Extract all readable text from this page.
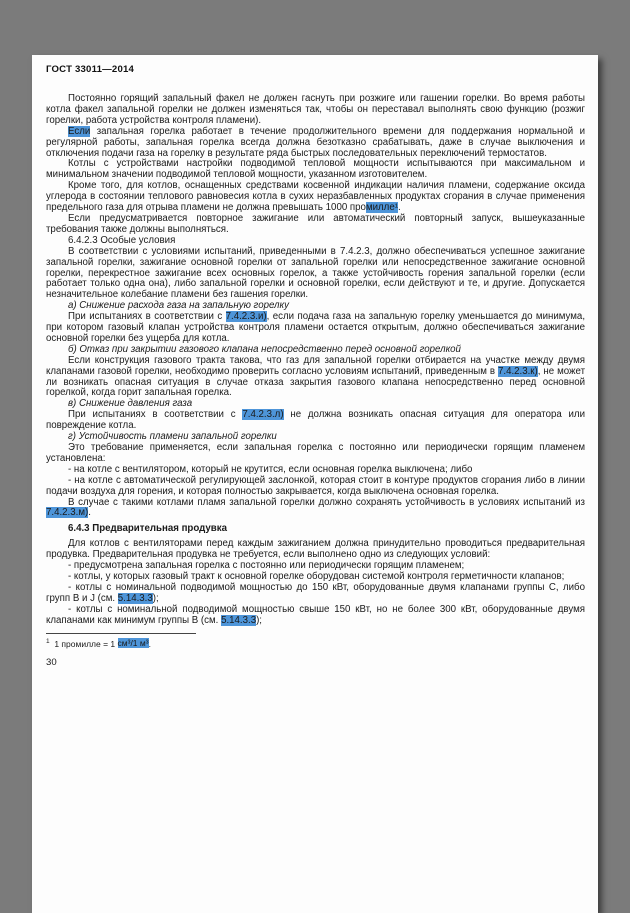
ГОСТ 33011—2014

Постоянно горящий запальный факел не должен гаснуть при розжиге или гашении горелки. Во время работы котла факел запальной горелки не должен изменяться так, чтобы он переставал выполнять свою функцию (розжиг горелки, работа устройства контроля пламени).

Если запальная горелка работает в течение продолжительного времени для поддержания нормальной и регулярной работы, запальная горелка всегда должна безотказно срабатывать, даже в случае выключения и отключения подачи газа на горелку в результате ряда быстрых последовательных переключений термостатов.

Котлы с устройствами настройки подводимой тепловой мощности испытываются при максимальном и минимальном значении подводимой тепловой мощности, указанном изготовителем.

Кроме того, для котлов, оснащенных средствами косвенной индикации наличия пламени, содержание оксида углерода в состоянии теплового равновесия котла в сухих неразбавленных продуктах сгорания в случае применения предельного газа для отрыва пламени не должна превышать 1000 промилле¹.

Если предусматривается повторное зажигание или автоматический повторный запуск, вышеуказанные требования также должны выполняться.

6.4.2.3 Особые условия

В соответствии с условиями испытаний, приведенными в 7.4.2.3, должно обеспечиваться успешное зажигание запальной горелки, зажигание основной горелки от запальной горелки или непосредственное зажигание основной горелки, перекрестное зажигание всех основных горелок, а также устойчивость горения запальной горелки (если работает только одна она), либо запальной горелки и основной горелки, если действуют и те, и другие. Допускается незначительное колебание пламени без гашения горелки.

а) Снижение расхода газа на запальную горелку

При испытаниях в соответствии с 7.4.2.3.и), если подача газа на запальную горелку уменьшается до минимума, при котором газовый клапан устройства контроля пламени остается открытым, должно обеспечиваться зажигание основной горелки без ущерба для котла.

б) Отказ при закрытии газового клапана непосредственно перед основной горелкой

Если конструкция газового тракта такова, что газ для запальной горелки отбирается на участке между двумя клапанами газовой горелки, необходимо проверить согласно условиям испытаний, приведенным в 7.4.2.3.к), не может ли возникать опасная ситуация в случае отказа закрытия газового клапана непосредственно перед основной горелкой, когда горит запальная горелка.

в) Снижение давления газа

При испытаниях в соответствии с 7.4.2.3.л) не должна возникать опасная ситуация для оператора или повреждение котла.

г) Устойчивость пламени запальной горелки

Это требование применяется, если запальная горелка с постоянно или периодически горящим пламенем установлена:

- на котле с вентилятором, который не крутится, если основная горелка выключена; либо

- на котле с автоматической регулирующей заслонкой, которая стоит в контуре продуктов сгорания либо в линии подачи воздуха для горения, и которая полностью закрывается, когда выключена основная горелка.

В случае с такими котлами пламя запальной горелки должно сохранять устойчивость в условиях испытаний из 7.4.2.3.м).

6.4.3 Предварительная продувка

Для котлов с вентиляторами перед каждым зажиганием должна принудительно проводиться предварительная продувка. Предварительная продувка не требуется, если выполнено одно из следующих условий:

- предусмотрена запальная горелка с постоянно или периодически горящим пламенем;

- котлы, у которых газовый тракт к основной горелке оборудован системой контроля герметичности клапанов;

- котлы с номинальной подводимой мощностью до 150 кВт, оборудованные двумя клапанами группы С, либо групп В и J (см. 5.14.3.3);

- котлы с номинальной подводимой мощностью свыше 150 кВт, но не более 300 кВт, оборудованные двумя клапанами как минимум группы В (см. 5.14.3.3);

$^1$  1 промилле = 1 см³/1 м³.
30
